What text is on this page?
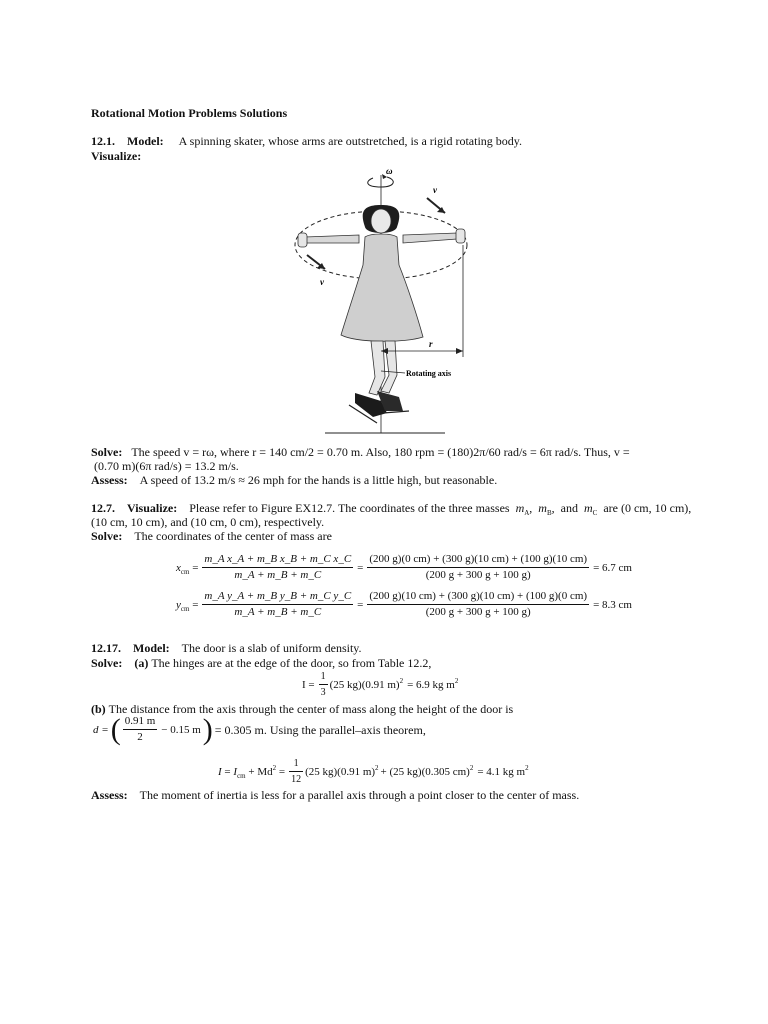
Rotational Motion Problems Solutions
12.1. Model: A spinning skater, whose arms are outstretched, is a rigid rotating body.
Visualize:
ω
v
v
r
Rotating axis
Solve: The speed v = rω, where r = 140 cm/2 = 0.70 m. Also, 180 rpm = (180)2π/60 rad/s = 6π rad/s. Thus, v =
(0.70 m)(6π rad/s) = 13.2 m/s.
Assess: A speed of 13.2 m/s ≈ 26 mph for the hands is a little high, but reasonable.
12.7. Visualize: Please refer to Figure EX12.7. The coordinates of the three masses $m_A$,  $m_B$,  and  $m_C$ are (0 cm, 10 cm),
(10 cm, 10 cm), and (10 cm, 0 cm), respectively.
Solve: The coordinates of the center of mass are
$x_{cm} = \frac{\text{m\_A x\_A + m\_B x\_B + m\_C x\_C}}{m\_A + m\_B + m\_C} = \frac{(200 g)(0 cm) + (300 g)(10 cm) + (100 g)(10 cm)}{(200 g + 300 g + 100 g)} = 6.7$ cm
$y_{cm} = \frac{\text{m\_A y\_A + m\_B y\_B + m\_C y\_C}}{m\_A + m\_B + m\_C} = \frac{(200 g)(10 cm) + (300 g)(10 cm) + (100 g)(0 cm)}{(200 g + 300 g + 100 g)} = 8.3$ cm
12.17. Model: The door is a slab of uniform density.
Solve: (a) The hinges are at the edge of the door, so from Table 12.2,
$I = \frac{1}{3} (25$ kg)(0.91 m)$^2$ = 6.9 kg $m^2$
(b) The distance from the axis through the center of mass along the height of the door is
d = ( $\frac{0.91 m}{2} - 0.15$ m ) = 0.305 m. Using the parallel–axis theorem,
$I = I_{cm} + Md^2 = \frac{1}{12} (25$ kg)(0.91 m)$^2$ + (25 kg)(0.305 cm)$^2$ = 4.1 kg $m^2$
Assess: The moment of inertia is less for a parallel axis through a point closer to the center of mass.
